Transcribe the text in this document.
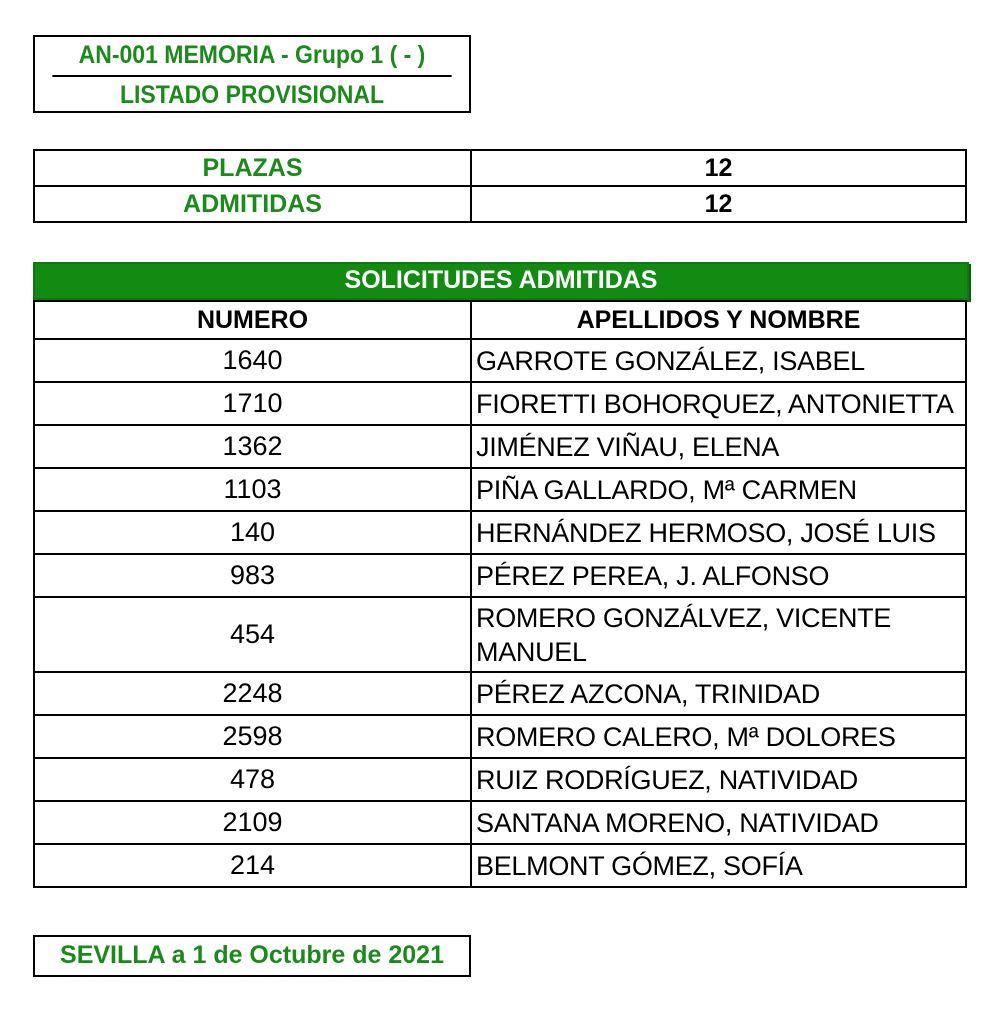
AN-001 MEMORIA - Grupo 1 ( - )
LISTADO PROVISIONAL
PLAZAS	12
ADMITIDAS	12
SOLICITUDES ADMITIDAS
NUMERO	APELLIDOS Y NOMBRE
1640	GARROTE GONZÁLEZ, ISABEL
1710	FIORETTI BOHORQUEZ, ANTONIETTA
1362	JIMÉNEZ VIÑAU, ELENA
1103	PIÑA GALLARDO, Mª CARMEN
140	HERNÁNDEZ HERMOSO, JOSÉ LUIS
983	PÉREZ PEREA, J. ALFONSO
454	ROMERO GONZÁLVEZ, VICENTE MANUEL
2248	PÉREZ AZCONA, TRINIDAD
2598	ROMERO CALERO, Mª DOLORES
478	RUIZ RODRÍGUEZ, NATIVIDAD
2109	SANTANA MORENO, NATIVIDAD
214	BELMONT GÓMEZ, SOFÍA
SEVILLA a 1 de Octubre de 2021
